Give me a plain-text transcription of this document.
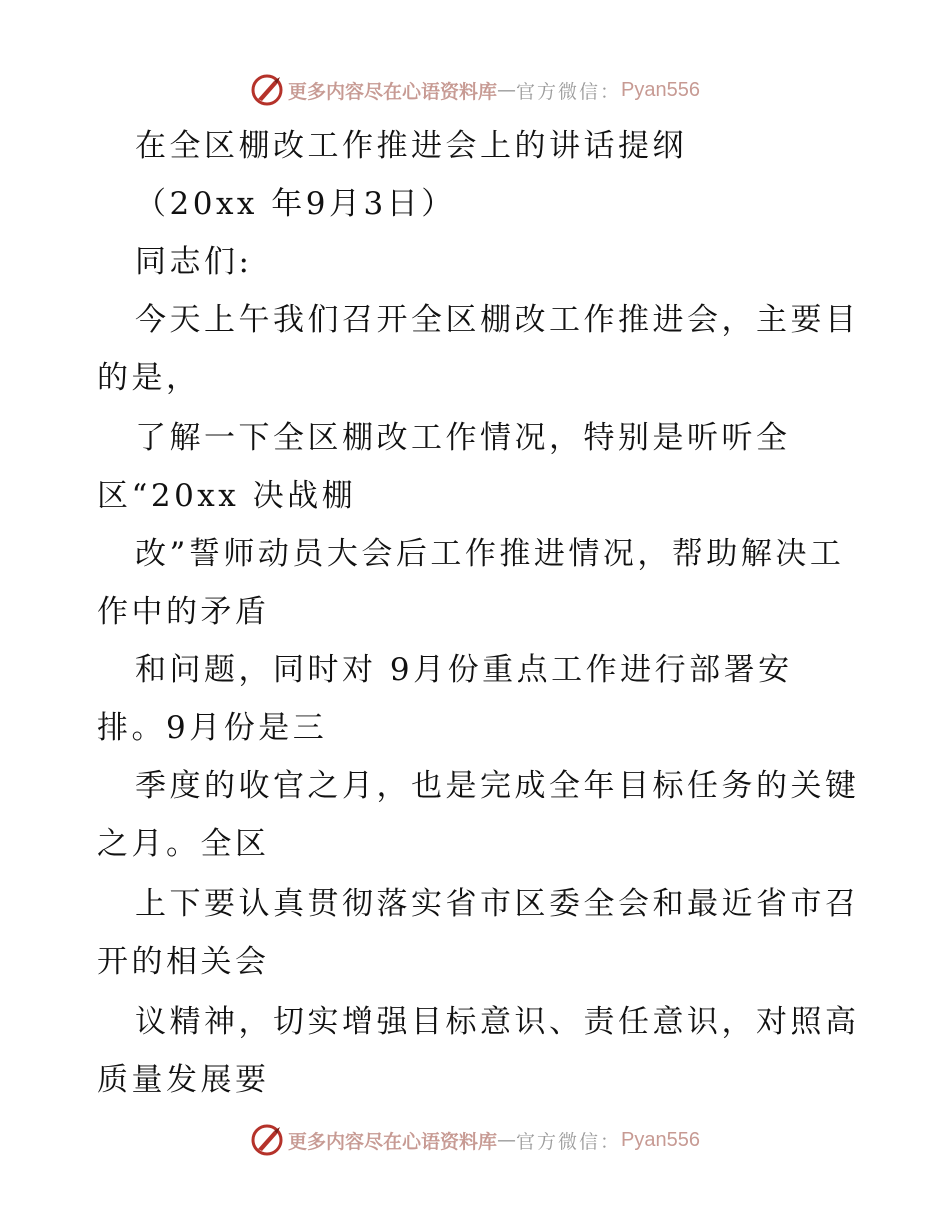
更多内容尽在心语资料库 — 官方微信： Pyan556
在全区棚改工作推进会上的讲话提纲
（20xx 年9月3日）
同志们:
今天上午我们召开全区棚改工作推进会，主要目
的是，
了解一下全区棚改工作情况，特别是听听全
区“20xx 决战棚
改”誓师动员大会后工作推进情况，帮助解决工
作中的矛盾
和问题，同时对 9月份重点工作进行部署安
排。9月份是三
季度的收官之月，也是完成全年目标任务的关键
之月。全区
上下要认真贯彻落实省市区委全会和最近省市召
开的相关会
议精神，切实增强目标意识、责任意识，对照高
质量发展要
更多内容尽在心语资料库 — 官方微信： Pyan556
